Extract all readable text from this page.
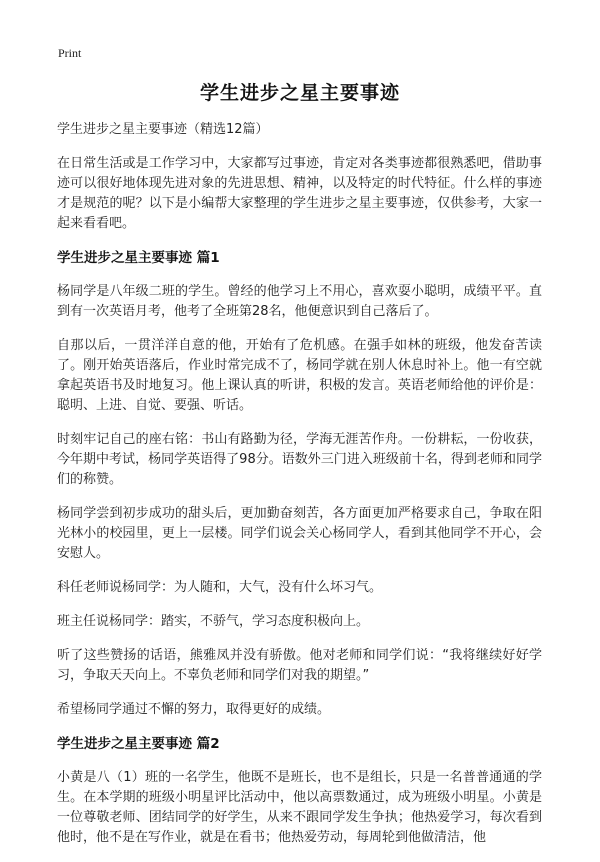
Print
学生进步之星主要事迹
学生进步之星主要事迹（精选12篇）

在日常生活或是工作学习中，大家都写过事迹，肯定对各类事迹都很熟悉吧，借助事迹可以很好地体现先进对象的先进思想、精神，以及特定的时代特征。什么样的事迹才是规范的呢？以下是小编帮大家整理的学生进步之星主要事迹，仅供参考，大家一起来看看吧。

学生进步之星主要事迹 篇1

杨同学是八年级二班的学生。曾经的他学习上不用心，喜欢耍小聪明，成绩平平。直到有一次英语月考，他考了全班第28名，他便意识到自己落后了。

自那以后，一贯洋洋自意的他，开始有了危机感。在强手如林的班级，他发奋苦读了。刚开始英语落后，作业时常完成不了，杨同学就在别人休息时补上。他一有空就拿起英语书及时地复习。他上课认真的听讲，积极的发言。英语老师给他的评价是：聪明、上进、自觉、要强、听话。

时刻牢记自己的座右铭：书山有路勤为径，学海无涯苦作舟。一份耕耘，一份收获，今年期中考试，杨同学英语得了98分。语数外三门进入班级前十名，得到老师和同学们的称赞。

杨同学尝到初步成功的甜头后，更加勤奋刻苦，各方面更加严格要求自己，争取在阳光林小的校园里，更上一层楼。同学们说会关心杨同学人，看到其他同学不开心，会安慰人。

科任老师说杨同学：为人随和，大气，没有什么坏习气。

班主任说杨同学：踏实，不骄气，学习态度积极向上。

听了这些赞扬的话语，熊雅凤并没有骄傲。他对老师和同学们说：“我将继续好好学习，争取天天向上。不辜负老师和同学们对我的期望。”

希望杨同学通过不懈的努力，取得更好的成绩。

学生进步之星主要事迹 篇2

小黄是八（1）班的一名学生，他既不是班长，也不是组长，只是一名普普通通的学生。在本学期的班级小明星评比活动中，他以高票数通过，成为班级小明星。小黄是一位尊敬老师、团结同学的好学生，从来不跟同学发生争执；他热爱学习，每次看到他时，他不是在写作业，就是在看书；他热爱劳动，每周轮到他做清洁，他
